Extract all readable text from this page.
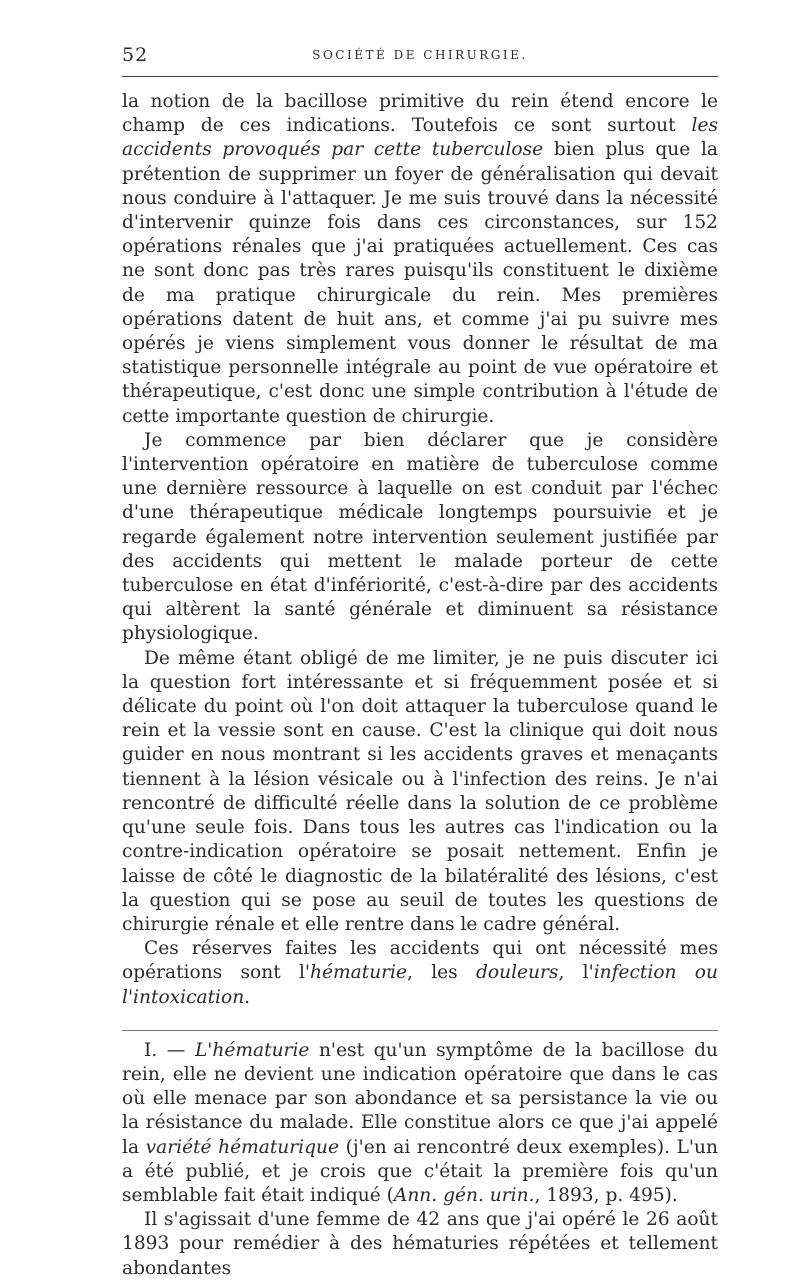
52	SOCIÉTÉ DE CHIRURGIE.

la notion de la bacillose primitive du rein étend encore le champ de ces indications. Toutefois ce sont surtout les accidents provoqués par cette tuberculose bien plus que la prétention de supprimer un foyer de généralisation qui devait nous conduire à l'attaquer. Je me suis trouvé dans la nécessité d'intervenir quinze fois dans ces circonstances, sur 152 opérations rénales que j'ai pratiquées actuellement. Ces cas ne sont donc pas très rares puisqu'ils constituent le dixième de ma pratique chirurgicale du rein. Mes premières opérations datent de huit ans, et comme j'ai pu suivre mes opérés je viens simplement vous donner le résultat de ma statistique personnelle intégrale au point de vue opératoire et thérapeutique, c'est donc une simple contribution à l'étude de cette importante question de chirurgie.

Je commence par bien déclarer que je considère l'intervention opératoire en matière de tuberculose comme une dernière ressource à laquelle on est conduit par l'échec d'une thérapeutique médicale longtemps poursuivie et je regarde également notre intervention seulement justifiée par des accidents qui mettent le malade porteur de cette tuberculose en état d'infériorité, c'est-à-dire par des accidents qui altèrent la santé générale et diminuent sa résistance physiologique.

De même étant obligé de me limiter, je ne puis discuter ici la question fort intéressante et si fréquemment posée et si délicate du point où l'on doit attaquer la tuberculose quand le rein et la vessie sont en cause. C'est la clinique qui doit nous guider en nous montrant si les accidents graves et menaçants tiennent à la lésion vésicale ou à l'infection des reins. Je n'ai rencontré de difficulté réelle dans la solution de ce problème qu'une seule fois. Dans tous les autres cas l'indication ou la contre-indication opératoire se posait nettement. Enfin je laisse de côté le diagnostic de la bilatéralité des lésions, c'est la question qui se pose au seuil de toutes les questions de chirurgie rénale et elle rentre dans le cadre général.

Ces réserves faites les accidents qui ont nécessité mes opérations sont l'hématurie, les douleurs, l'infection ou l'intoxication.

I. — L'hématurie n'est qu'un symptôme de la bacillose du rein, elle ne devient une indication opératoire que dans le cas où elle menace par son abondance et sa persistance la vie ou la résistance du malade. Elle constitue alors ce que j'ai appelé la variété hématurique (j'en ai rencontré deux exemples). L'un a été publié, et je crois que c'était la première fois qu'un semblable fait était indiqué (Ann. gén. urin., 1893, p. 495).

Il s'agissait d'une femme de 42 ans que j'ai opéré le 26 août 1893 pour remédier à des hématuries répétées et tellement abondantes
